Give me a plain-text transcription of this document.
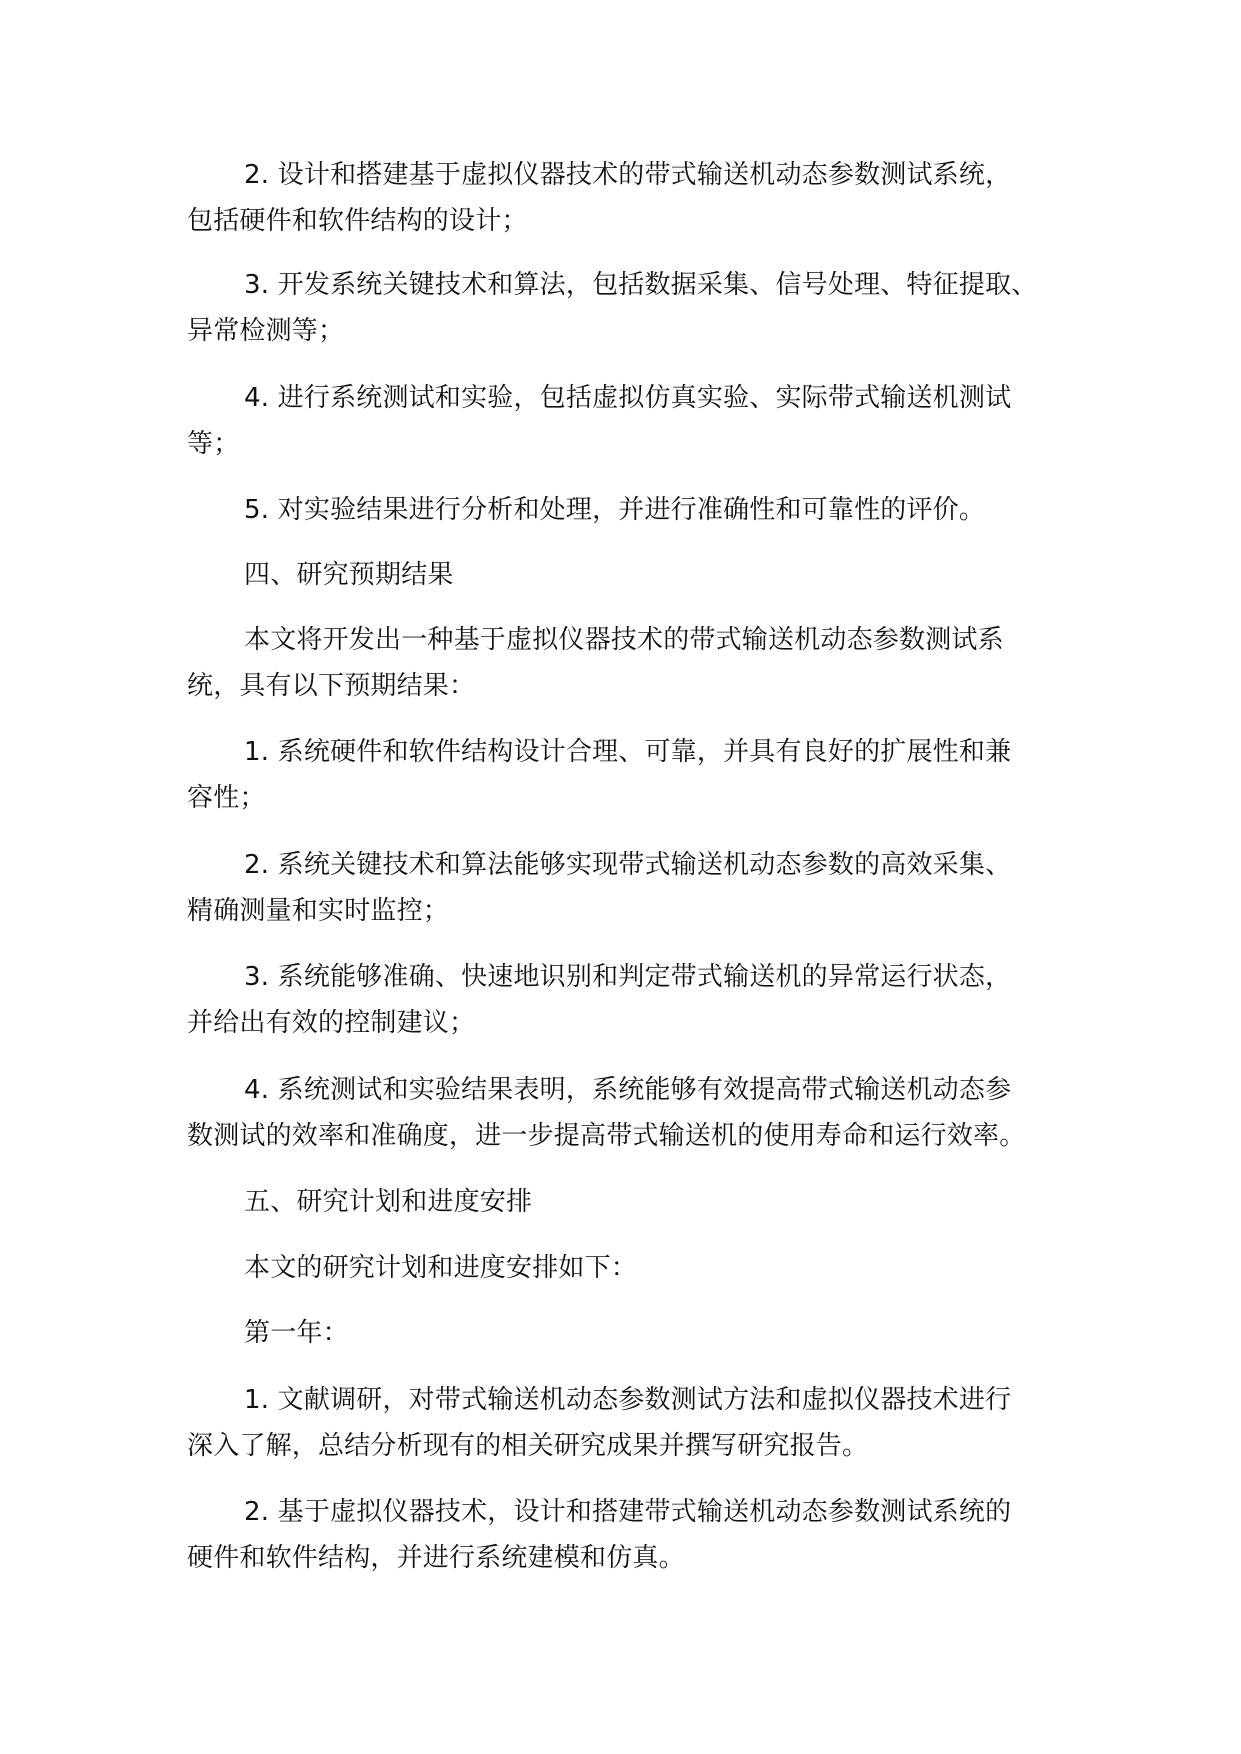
2. 设计和搭建基于虚拟仪器技术的带式输送机动态参数测试系统，

包括硬件和软件结构的设计；

3. 开发系统关键技术和算法，包括数据采集、信号处理、特征提取、

异常检测等；

4. 进行系统测试和实验，包括虚拟仿真实验、实际带式输送机测试

等；

5. 对实验结果进行分析和处理，并进行准确性和可靠性的评价。

四、研究预期结果

本文将开发出一种基于虚拟仪器技术的带式输送机动态参数测试系

统，具有以下预期结果：

1. 系统硬件和软件结构设计合理、可靠，并具有良好的扩展性和兼

容性；

2. 系统关键技术和算法能够实现带式输送机动态参数的高效采集、

精确测量和实时监控；

3. 系统能够准确、快速地识别和判定带式输送机的异常运行状态，

并给出有效的控制建议；

4. 系统测试和实验结果表明，系统能够有效提高带式输送机动态参

数测试的效率和准确度，进一步提高带式输送机的使用寿命和运行效率。

五、研究计划和进度安排

本文的研究计划和进度安排如下：

第一年：

1. 文献调研，对带式输送机动态参数测试方法和虚拟仪器技术进行

深入了解，总结分析现有的相关研究成果并撰写研究报告。

2. 基于虚拟仪器技术，设计和搭建带式输送机动态参数测试系统的

硬件和软件结构，并进行系统建模和仿真。
